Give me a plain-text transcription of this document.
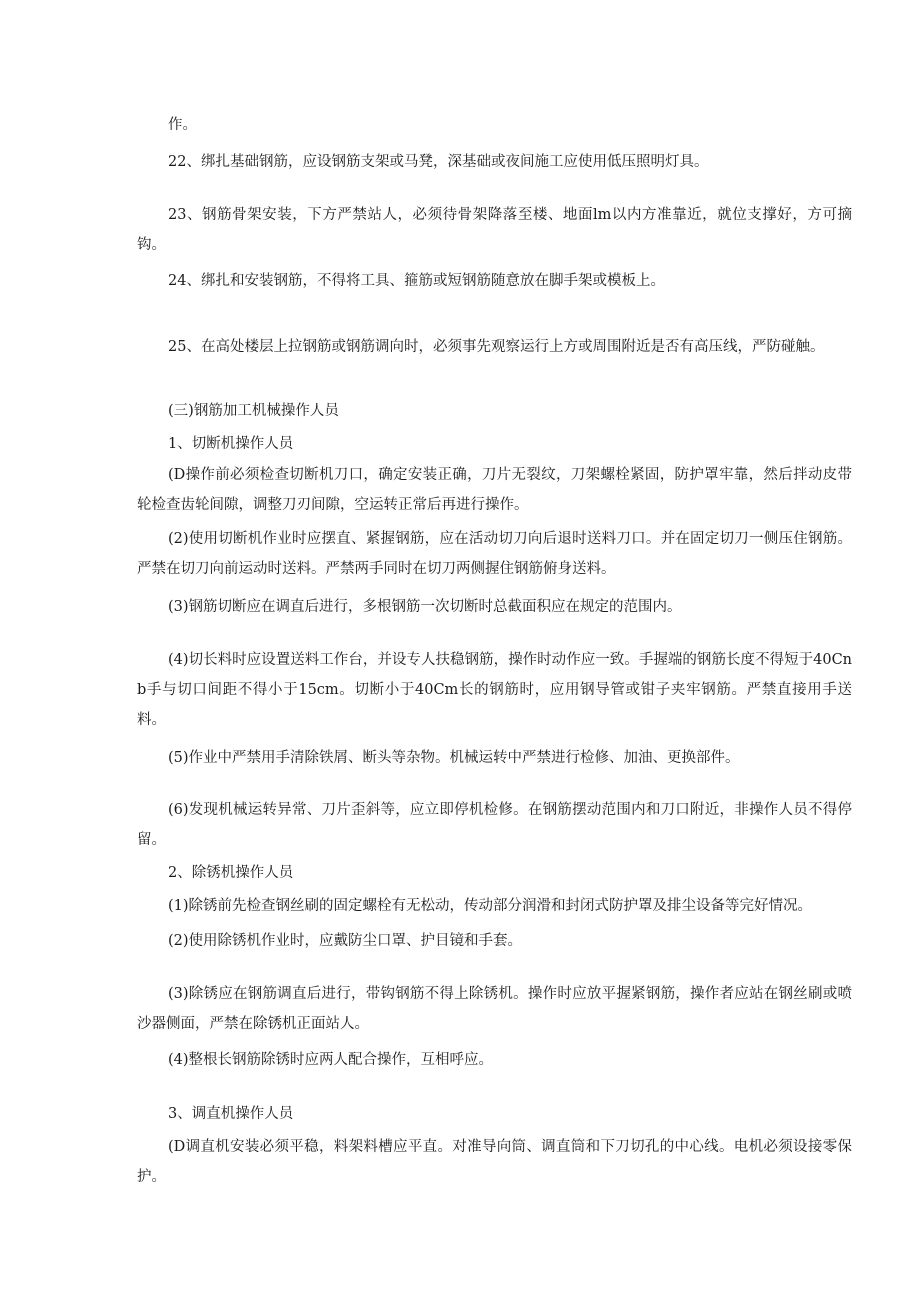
作。

22、绑扎基础钢筋，应设钢筋支架或马凳，深基础或夜间施工应使用低压照明灯具。

23、钢筋骨架安装，下方严禁站人，必须待骨架降落至楼、地面lm以内方准靠近，就位支撑好，方可摘钩。

24、绑扎和安装钢筋，不得将工具、箍筋或短钢筋随意放在脚手架或模板上。

25、在高处楼层上拉钢筋或钢筋调向时，必须事先观察运行上方或周围附近是否有高压线，严防碰触。

(三)钢筋加工机械操作人员

1、切断机操作人员

(D操作前必须检查切断机刀口，确定安装正确，刀片无裂纹，刀架螺栓紧固，防护罩牢靠，然后拌动皮带轮检查齿轮间隙，调整刀刃间隙，空运转正常后再进行操作。

(2)使用切断机作业时应摆直、紧握钢筋，应在活动切刀向后退时送料刀口。并在固定切刀一侧压住钢筋。严禁在切刀向前运动时送料。严禁两手同时在切刀两侧握住钢筋俯身送料。

(3)钢筋切断应在调直后进行，多根钢筋一次切断时总截面积应在规定的范围内。

(4)切长料时应设置送料工作台，并设专人扶稳钢筋，操作时动作应一致。手握端的钢筋长度不得短于40Cnb手与切口间距不得小于15cm。切断小于40Cm长的钢筋时，应用钢导管或钳子夹牢钢筋。严禁直接用手送料。

(5)作业中严禁用手清除铁屑、断头等杂物。机械运转中严禁进行检修、加油、更换部件。

(6)发现机械运转异常、刀片歪斜等，应立即停机检修。在钢筋摆动范围内和刀口附近，非操作人员不得停留。

2、除锈机操作人员

(1)除锈前先检查钢丝刷的固定螺栓有无松动，传动部分润滑和封闭式防护罩及排尘设备等完好情况。

(2)使用除锈机作业时，应戴防尘口罩、护目镜和手套。

(3)除锈应在钢筋调直后进行，带钩钢筋不得上除锈机。操作时应放平握紧钢筋，操作者应站在钢丝刷或喷沙器侧面，严禁在除锈机正面站人。

(4)整根长钢筋除锈时应两人配合操作，互相呼应。

3、调直机操作人员

(D调直机安装必须平稳，料架料槽应平直。对准导向筒、调直筒和下刀切孔的中心线。电机必须设接零保护。
